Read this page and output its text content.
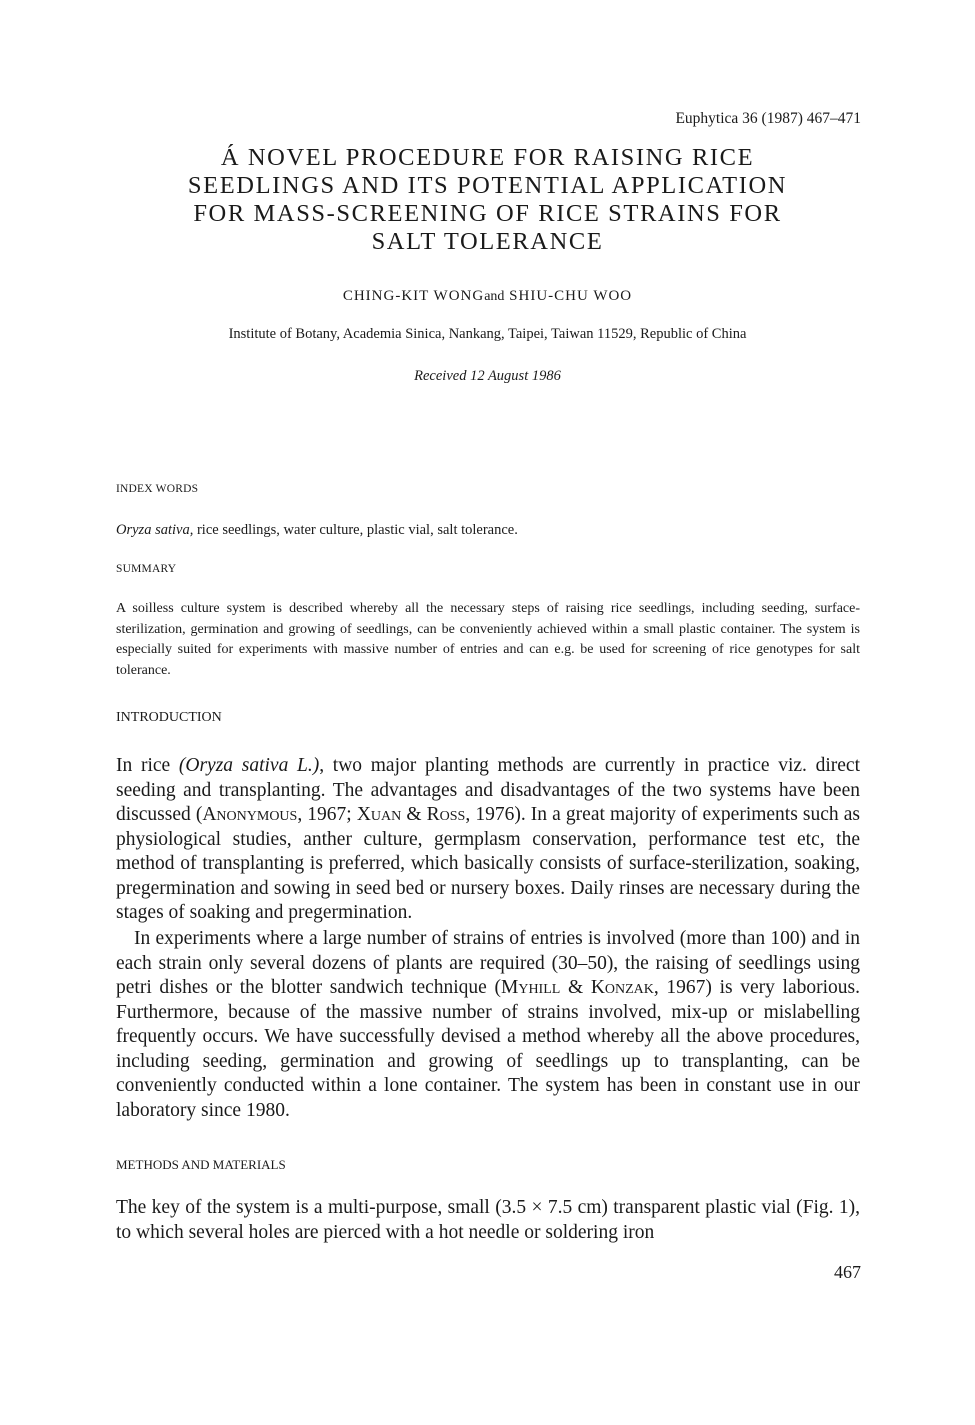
Euphytica 36 (1987) 467–471
Á NOVEL PROCEDURE FOR RAISING RICE
SEEDLINGS AND ITS POTENTIAL APPLICATION
FOR MASS-SCREENING OF RICE STRAINS FOR
SALT TOLERANCE
CHING-KIT WONGand SHIU-CHU WOO
Institute of Botany, Academia Sinica, Nankang, Taipei, Taiwan 11529, Republic of China
Received 12 August 1986
INDEX WORDS
Oryza sativa, rice seedlings, water culture, plastic vial, salt tolerance.
SUMMARY

A soilless culture system is described whereby all the necessary steps of raising rice seedlings, including seeding, surface-sterilization, germination and growing of seedlings, can be conveniently achieved within a small plastic container. The system is especially suited for experiments with massive number of entries and can e.g. be used for screening of rice genotypes for salt tolerance.

INTRODUCTION

In rice (Oryza sativa L.), two major planting methods are currently in practice viz. direct seeding and transplanting. The advantages and disadvantages of the two systems have been discussed (Anonymous, 1967; Xuan & Ross, 1976). In a great majority of experiments such as physiological studies, anther culture, germplasm conservation, performance test etc, the method of transplanting is preferred, which basically consists of surface-sterilization, soaking, pregermination and sowing in seed bed or nursery boxes. Daily rinses are necessary during the stages of soaking and pregermination.

In experiments where a large number of strains of entries is involved (more than 100) and in each strain only several dozens of plants are required (30–50), the raising of seedlings using petri dishes or the blotter sandwich technique (Myhill & Konzak, 1967) is very laborious. Furthermore, because of the massive number of strains involved, mix-up or mislabelling frequently occurs. We have successfully devised a method whereby all the above procedures, including seeding, germination and growing of seedlings up to transplanting, can be conveniently conducted within a lone container. The system has been in constant use in our laboratory since 1980.

METHODS AND MATERIALS

The key of the system is a multi-purpose, small (3.5 × 7.5 cm) transparent plastic vial (Fig. 1), to which several holes are pierced with a hot needle or soldering iron

467
